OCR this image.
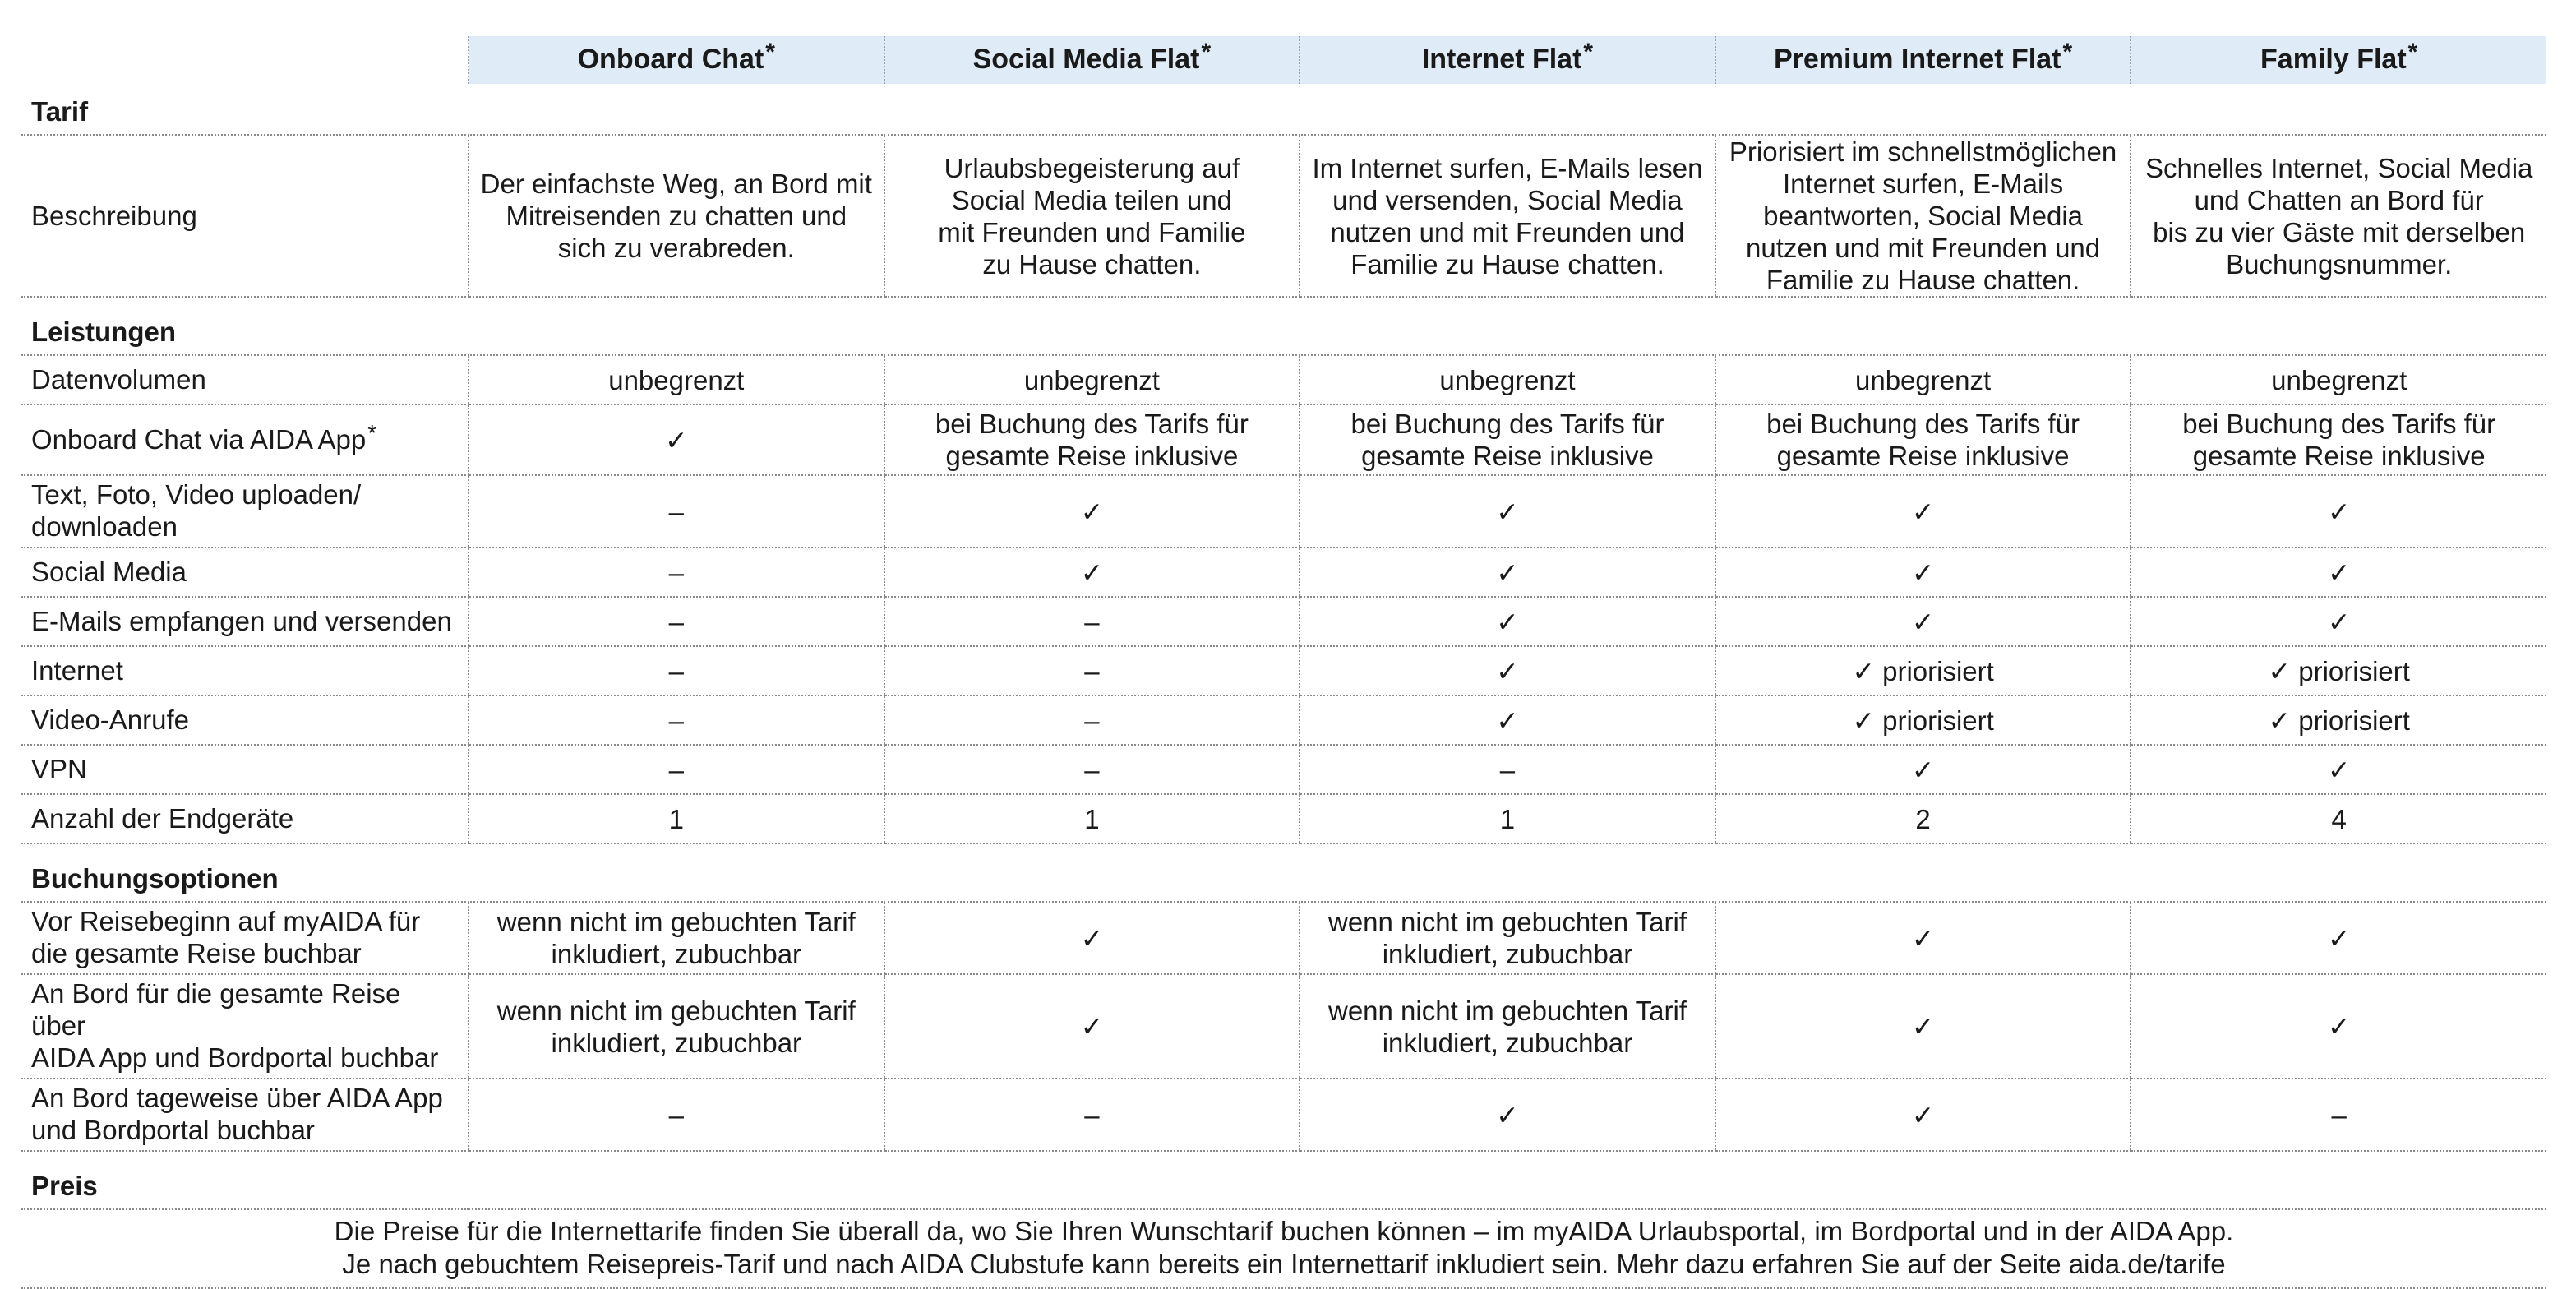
	Onboard Chat*	Social Media Flat*	Internet Flat*	Premium Internet Flat*	Family Flat*
Tarif					
Beschreibung	Der einfachste Weg, an Bord mit
Mitreisenden zu chatten und
sich zu verabreden.	Urlaubsbegeisterung auf
Social Media teilen und
mit Freunden und Familie
zu Hause chatten.	Im Internet surfen, E-Mails lesen
und versenden, Social Media
nutzen und mit Freunden und
Familie zu Hause chatten.	Priorisiert im schnellstmöglichen
Internet surfen, E-Mails
beantworten, Social Media
nutzen und mit Freunden und
Familie zu Hause chatten.	Schnelles Internet, Social Media
und Chatten an Bord für
bis zu vier Gäste mit derselben
Buchungsnummer.
Leistungen					
Datenvolumen	unbegrenzt	unbegrenzt	unbegrenzt	unbegrenzt	unbegrenzt
Onboard Chat via AIDA App*	✓	bei Buchung des Tarifs für
gesamte Reise inklusive	bei Buchung des Tarifs für
gesamte Reise inklusive	bei Buchung des Tarifs für
gesamte Reise inklusive	bei Buchung des Tarifs für
gesamte Reise inklusive
Text, Foto, Video uploaden/
downloaden	–	✓	✓	✓	✓
Social Media	–	✓	✓	✓	✓
E-Mails empfangen und versenden	–	–	✓	✓	✓
Internet	–	–	✓	✓ priorisiert	✓ priorisiert
Video-Anrufe	–	–	✓	✓ priorisiert	✓ priorisiert
VPN	–	–	–	✓	✓
Anzahl der Endgeräte	1	1	1	2	4
Buchungsoptionen					
Vor Reisebeginn auf myAIDA für
die gesamte Reise buchbar	wenn nicht im gebuchten Tarif
inkludiert, zubuchbar	✓	wenn nicht im gebuchten Tarif
inkludiert, zubuchbar	✓	✓
An Bord für die gesamte Reise über
AIDA App und Bordportal buchbar	wenn nicht im gebuchten Tarif
inkludiert, zubuchbar	✓	wenn nicht im gebuchten Tarif
inkludiert, zubuchbar	✓	✓
An Bord tageweise über AIDA App
und Bordportal buchbar	–	–	✓	✓	–
Preis					

Die Preise für die Internettarife finden Sie überall da, wo Sie Ihren Wunschtarif buchen können – im myAIDA Urlaubsportal, im Bordportal und in der AIDA App.
Je nach gebuchtem Reisepreis-Tarif und nach AIDA Clubstufe kann bereits ein Internettarif inkludiert sein. Mehr dazu erfahren Sie auf der Seite aida.de/tarife					
